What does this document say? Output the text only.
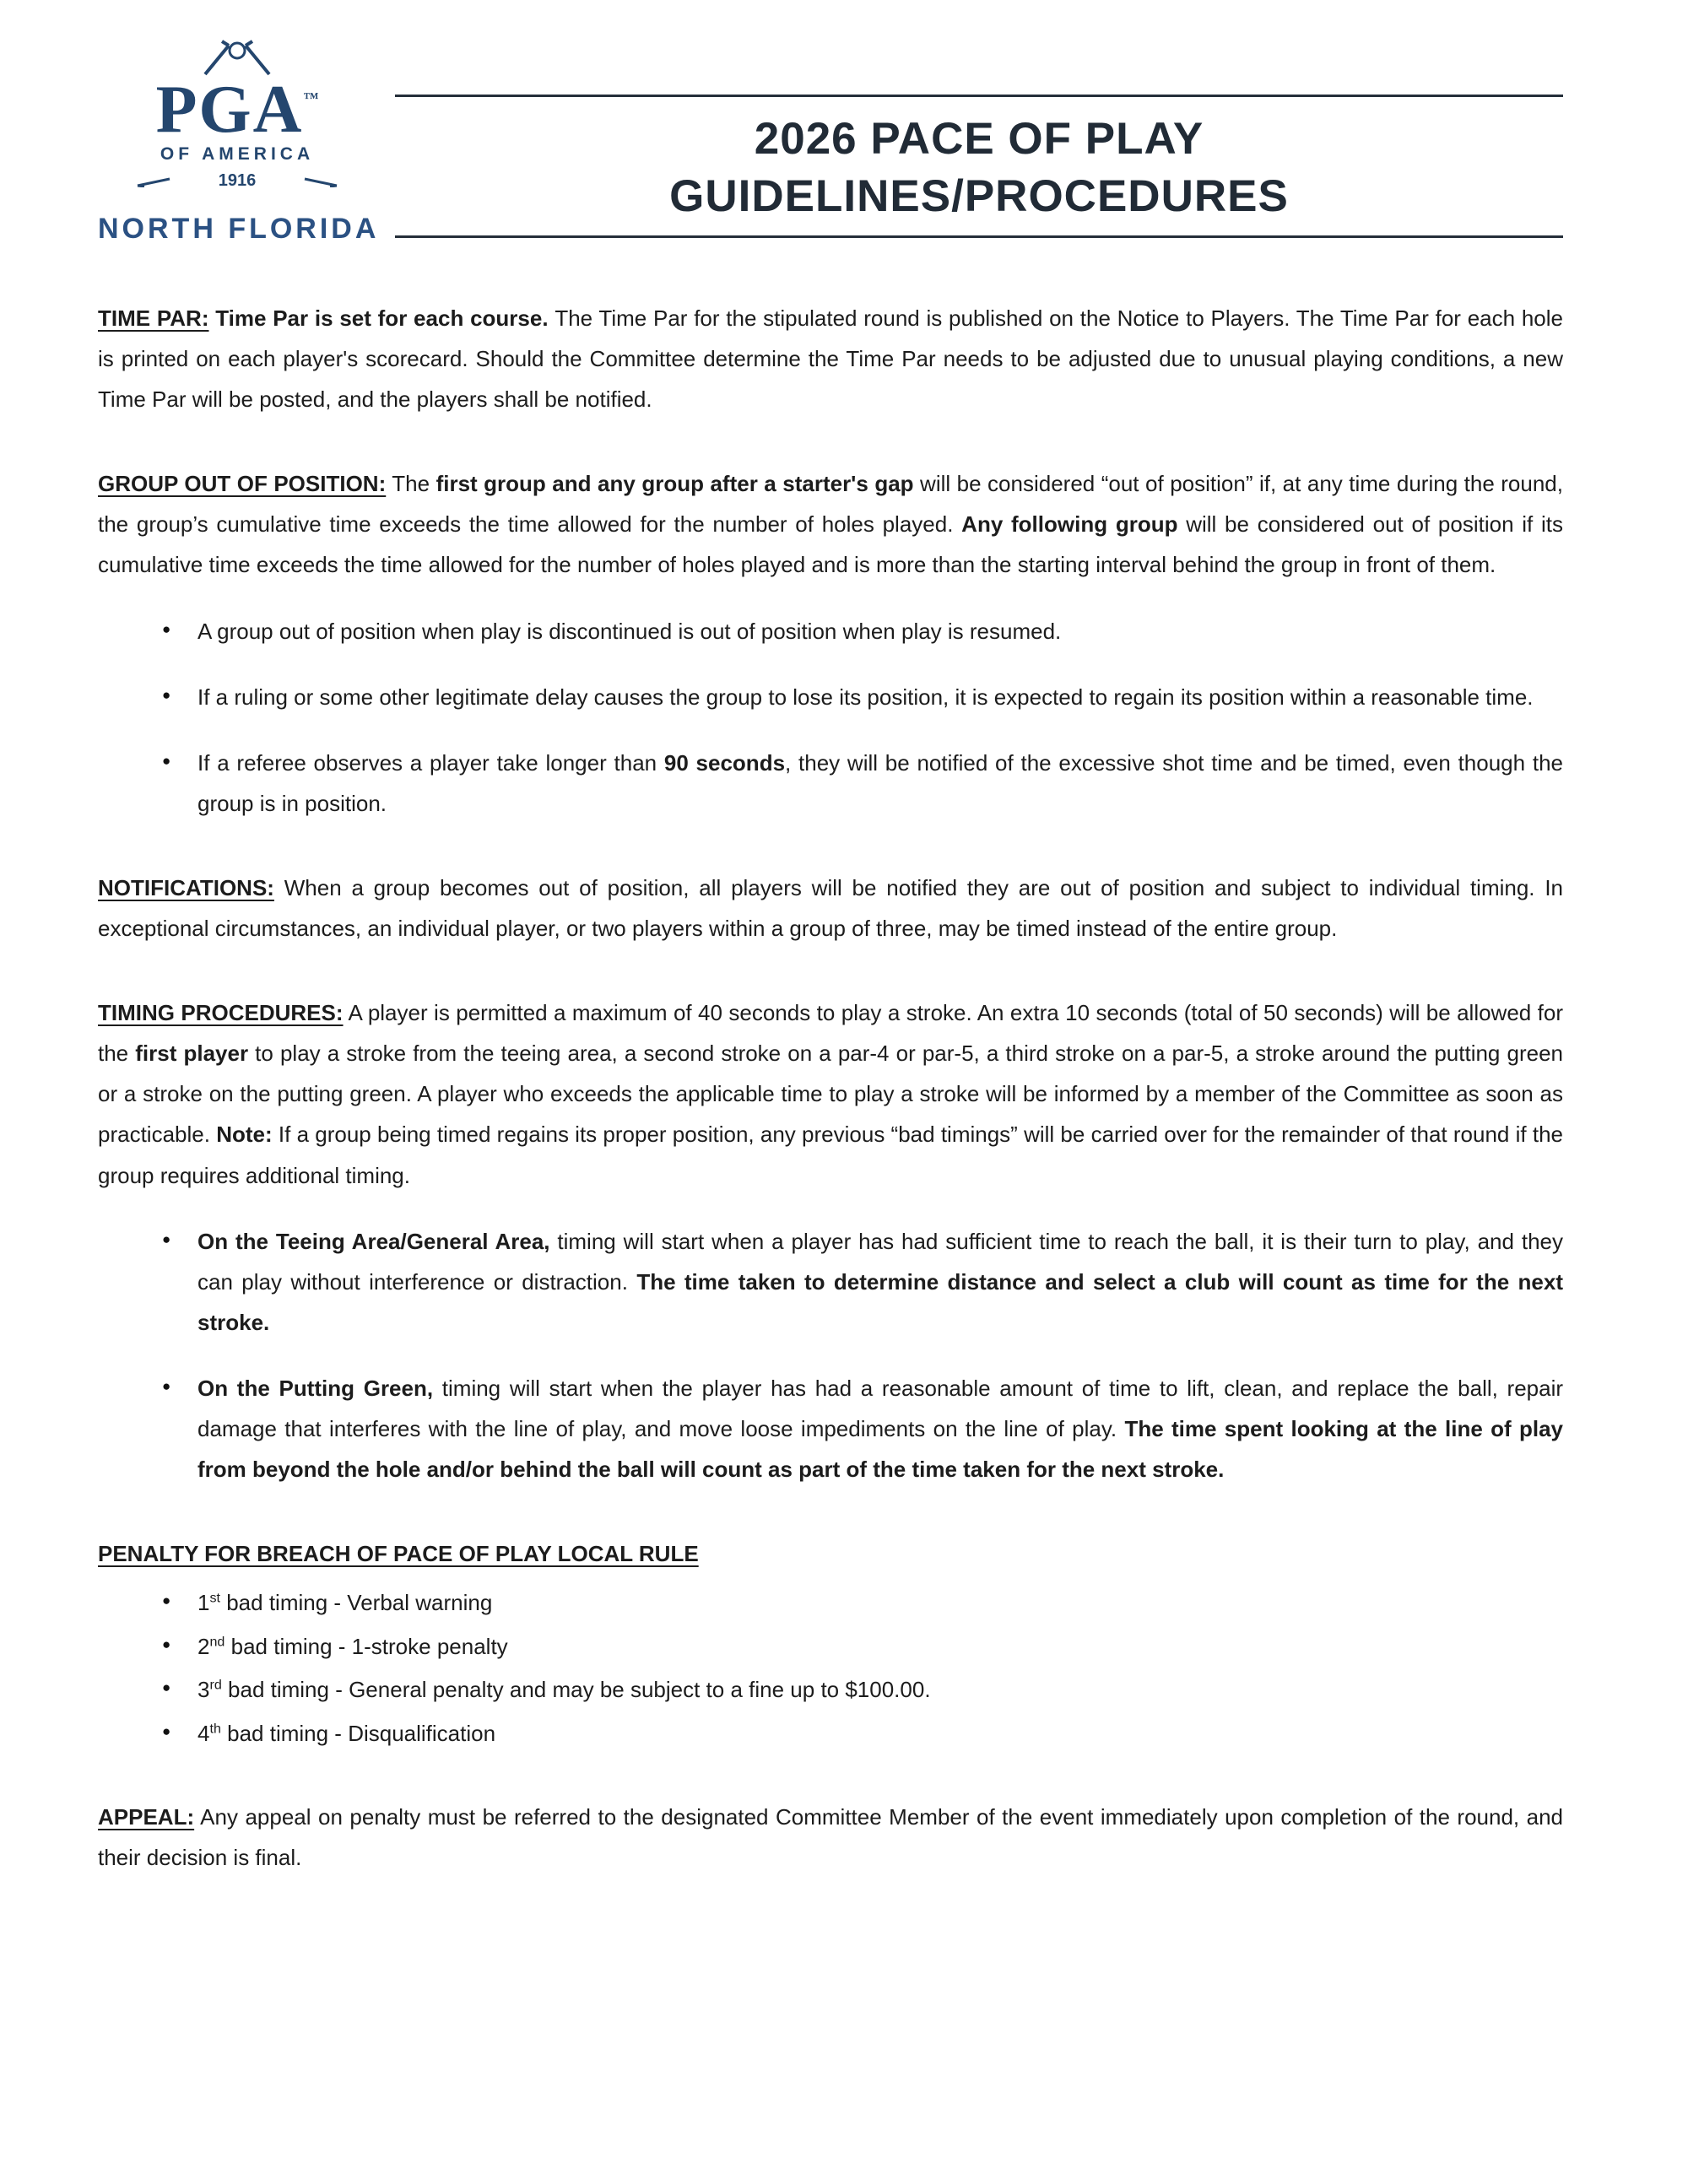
PGA™
OF AMERICA
1916
NORTH FLORIDA
2026 PACE OF PLAY
GUIDELINES/PROCEDURES

TIME PAR: Time Par is set for each course. The Time Par for the stipulated round is published on the Notice to Players. The Time Par for each hole is printed on each player's scorecard. Should the Committee determine the Time Par needs to be adjusted due to unusual playing conditions, a new Time Par will be posted, and the players shall be notified.

GROUP OUT OF POSITION: The first group and any group after a starter's gap will be considered “out of position” if, at any time during the round, the group’s cumulative time exceeds the time allowed for the number of holes played. Any following group will be considered out of position if its cumulative time exceeds the time allowed for the number of holes played and is more than the starting interval behind the group in front of them.

● A group out of position when play is discontinued is out of position when play is resumed.
● If a ruling or some other legitimate delay causes the group to lose its position, it is expected to regain its position within a reasonable time.
● If a referee observes a player take longer than 90 seconds, they will be notified of the excessive shot time and be timed, even though the group is in position.

NOTIFICATIONS: When a group becomes out of position, all players will be notified they are out of position and subject to individual timing. In exceptional circumstances, an individual player, or two players within a group of three, may be timed instead of the entire group.

TIMING PROCEDURES: A player is permitted a maximum of 40 seconds to play a stroke. An extra 10 seconds (total of 50 seconds) will be allowed for the first player to play a stroke from the teeing area, a second stroke on a par-4 or par-5, a third stroke on a par-5, a stroke around the putting green or a stroke on the putting green. A player who exceeds the applicable time to play a stroke will be informed by a member of the Committee as soon as practicable. Note: If a group being timed regains its proper position, any previous “bad timings” will be carried over for the remainder of that round if the group requires additional timing.

● On the Teeing Area/General Area, timing will start when a player has had sufficient time to reach the ball, it is their turn to play, and they can play without interference or distraction. The time taken to determine distance and select a club will count as time for the next stroke.
● On the Putting Green, timing will start when the player has had a reasonable amount of time to lift, clean, and replace the ball, repair damage that interferes with the line of play, and move loose impediments on the line of play. The time spent looking at the line of play from beyond the hole and/or behind the ball will count as part of the time taken for the next stroke.

PENALTY FOR BREACH OF PACE OF PLAY LOCAL RULE

● 1st bad timing - Verbal warning
● 2nd bad timing - 1-stroke penalty
● 3rd bad timing - General penalty and may be subject to a fine up to $100.00.
● 4th bad timing - Disqualification

APPEAL: Any appeal on penalty must be referred to the designated Committee Member of the event immediately upon completion of the round, and their decision is final.
